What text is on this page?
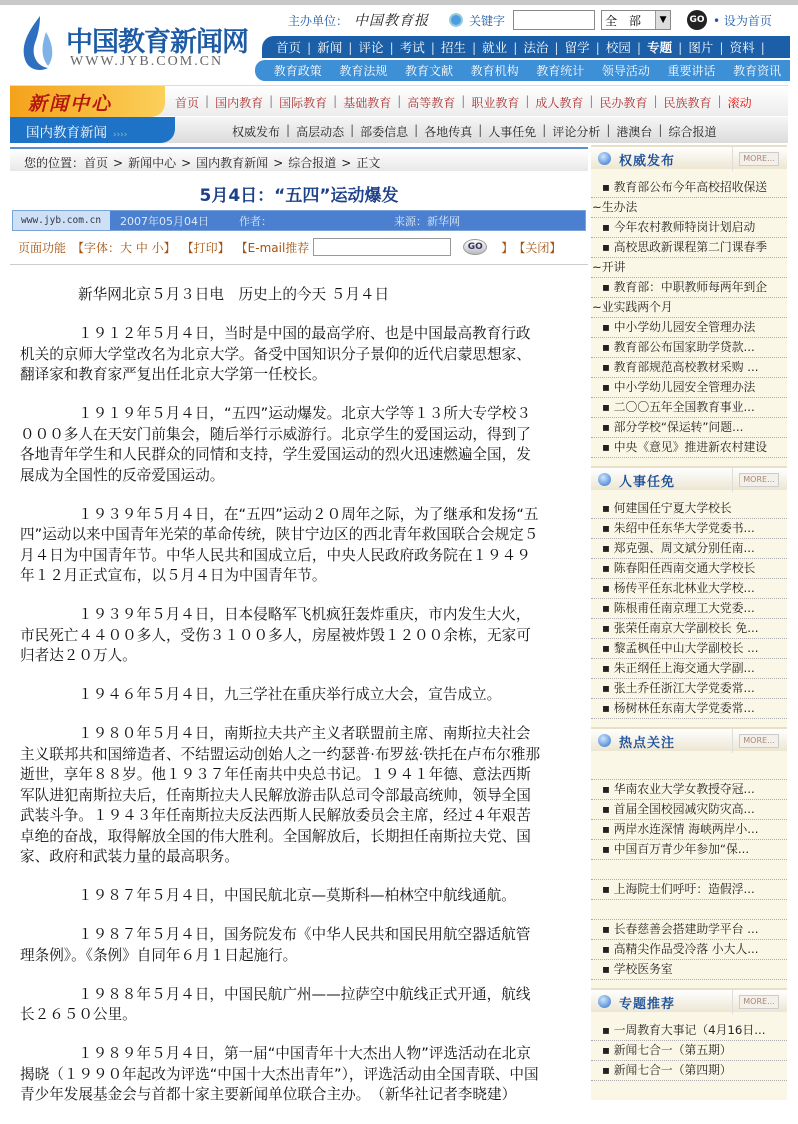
中国教育新闻网
WWW.JYB.COM.CN
主办单位： 中国教育报	关键字	全　部	▼	GO • 设为首页
首页 | 新闻 | 评论 | 考试 | 招生 | 就业 | 法治 | 留学 | 校园 | 专题 | 图片 | 资料 |
教育政策 教育法规 教育文献 教育机构 教育统计 领导活动 重要讲话 教育资讯
新闻中心	首页 | 国内教育 | 国际教育 | 基础教育 | 高等教育 | 职业教育 | 成人教育 | 民办教育 | 民族教育 | 滚动
国内教育新闻 ››››	权威发布 | 高层动态 | 部委信息 | 各地传真 | 人事任免 | 评论分析 | 港澳台 | 综合报道
您的位置：首页 > 新闻中心 > 国内教育新闻 > 综合报道 > 正文
5月4日：“五四”运动爆发
www.jyb.com.cn	2007年05月04日	作者：	来源：新华网
页面功能 【字体：大 中 小】 【打印】 【E-mail推荐	GO	】 【关闭】

新华网北京５月３日电　历史上的今天 ５月４日

１９１２年５月４日，当时是中国的最高学府、也是中国最高教育行政机关的京师大学堂改名为北京大学。备受中国知识分子景仰的近代启蒙思想家、翻译家和教育家严复出任北京大学第一任校长。

１９１９年５月４日，“五四”运动爆发。北京大学等１３所大专学校３０００多人在天安门前集会，随后举行示威游行。北京学生的爱国运动，得到了各地青年学生和人民群众的同情和支持，学生爱国运动的烈火迅速燃遍全国，发展成为全国性的反帝爱国运动。

１９３９年５月４日，在“五四”运动２０周年之际，为了继承和发扬“五四”运动以来中国青年光荣的革命传统，陕甘宁边区的西北青年救国联合会规定５月４日为中国青年节。中华人民共和国成立后，中央人民政府政务院在１９４９年１２月正式宣布，以５月４日为中国青年节。

１９３９年５月４日，日本侵略军飞机疯狂轰炸重庆，市内发生大火，市民死亡４４００多人，受伤３１００多人，房屋被炸毁１２００余栋，无家可归者达２０万人。

１９４６年５月４日，九三学社在重庆举行成立大会，宣告成立。

１９８０年５月４日，南斯拉夫共产主义者联盟前主席、南斯拉夫社会主义联邦共和国缔造者、不结盟运动创始人之一约瑟普·布罗兹·铁托在卢布尔雅那逝世，享年８８岁。他１９３７年任南共中央总书记。１９４１年德、意法西斯军队进犯南斯拉夫后，任南斯拉夫人民解放游击队总司令部最高统帅，领导全国武装斗争。１９４３年任南斯拉夫反法西斯人民解放委员会主席，经过４年艰苦卓绝的奋战，取得解放全国的伟大胜利。全国解放后，长期担任南斯拉夫党、国家、政府和武装力量的最高职务。

１９８７年５月４日，中国民航北京—莫斯科—柏林空中航线通航。

１９８７年５月４日，国务院发布《中华人民共和国民用航空器适航管理条例》。《条例》自同年６月１日起施行。

１９８８年５月４日，中国民航广州——拉萨空中航线正式开通，航线长２６５０公里。

１９８９年５月４日，第一届“中国青年十大杰出人物”评选活动在北京揭晓（１９９０年起改为评选“中国十大杰出青年”），评选活动由全国青联、中国青少年发展基金会与首都十家主要新闻单位联合主办。　（新华社记者李晓建）

权威发布	MORE...
▪ 教育部公布今年高校招收保送
~生办法
▪ 今年农村教师特岗计划启动
▪ 高校思政新课程第二门课春季
~开讲
▪ 教育部：中职教师每两年到企
~业实践两个月
▪ 中小学幼儿园安全管理办法
▪ 教育部公布国家助学贷款...
▪ 教育部规范高校教材采购 ...
▪ 中小学幼儿园安全管理办法
▪ 二〇〇五年全国教育事业...
▪ 部分学校“保运转”问题...
▪ 中央《意见》推进新农村建设
人事任免	MORE...
▪ 何建国任宁夏大学校长
▪ 朱绍中任东华大学党委书...
▪ 郑克强、周文斌分别任南...
▪ 陈春阳任西南交通大学校长
▪ 杨传平任东北林业大学校...
▪ 陈根甫任南京理工大党委...
▪ 张荣任南京大学副校长 免...
▪ 黎孟枫任中山大学副校长 ...
▪ 朱正纲任上海交通大学副...
▪ 张土乔任浙江大学党委常...
▪ 杨树林任东南大学党委常...
热点关注	MORE...
▪ 华南农业大学女教授夺冠...
▪ 首届全国校园减灾防灾高...
▪ 两岸水连深情 海峡两岸小...
▪ 中国百万青少年参加“保...
▪ 上海院士们呼吁：造假浮...
▪ 长春慈善会搭建助学平台 ...
▪ 高精尖作品受冷落 小大人...
▪ 学校医务室
专题推荐	MORE...
▪ 一周教育大事记（4月16日...
▪ 新闻七合一（第五期）
▪ 新闻七合一（第四期）
